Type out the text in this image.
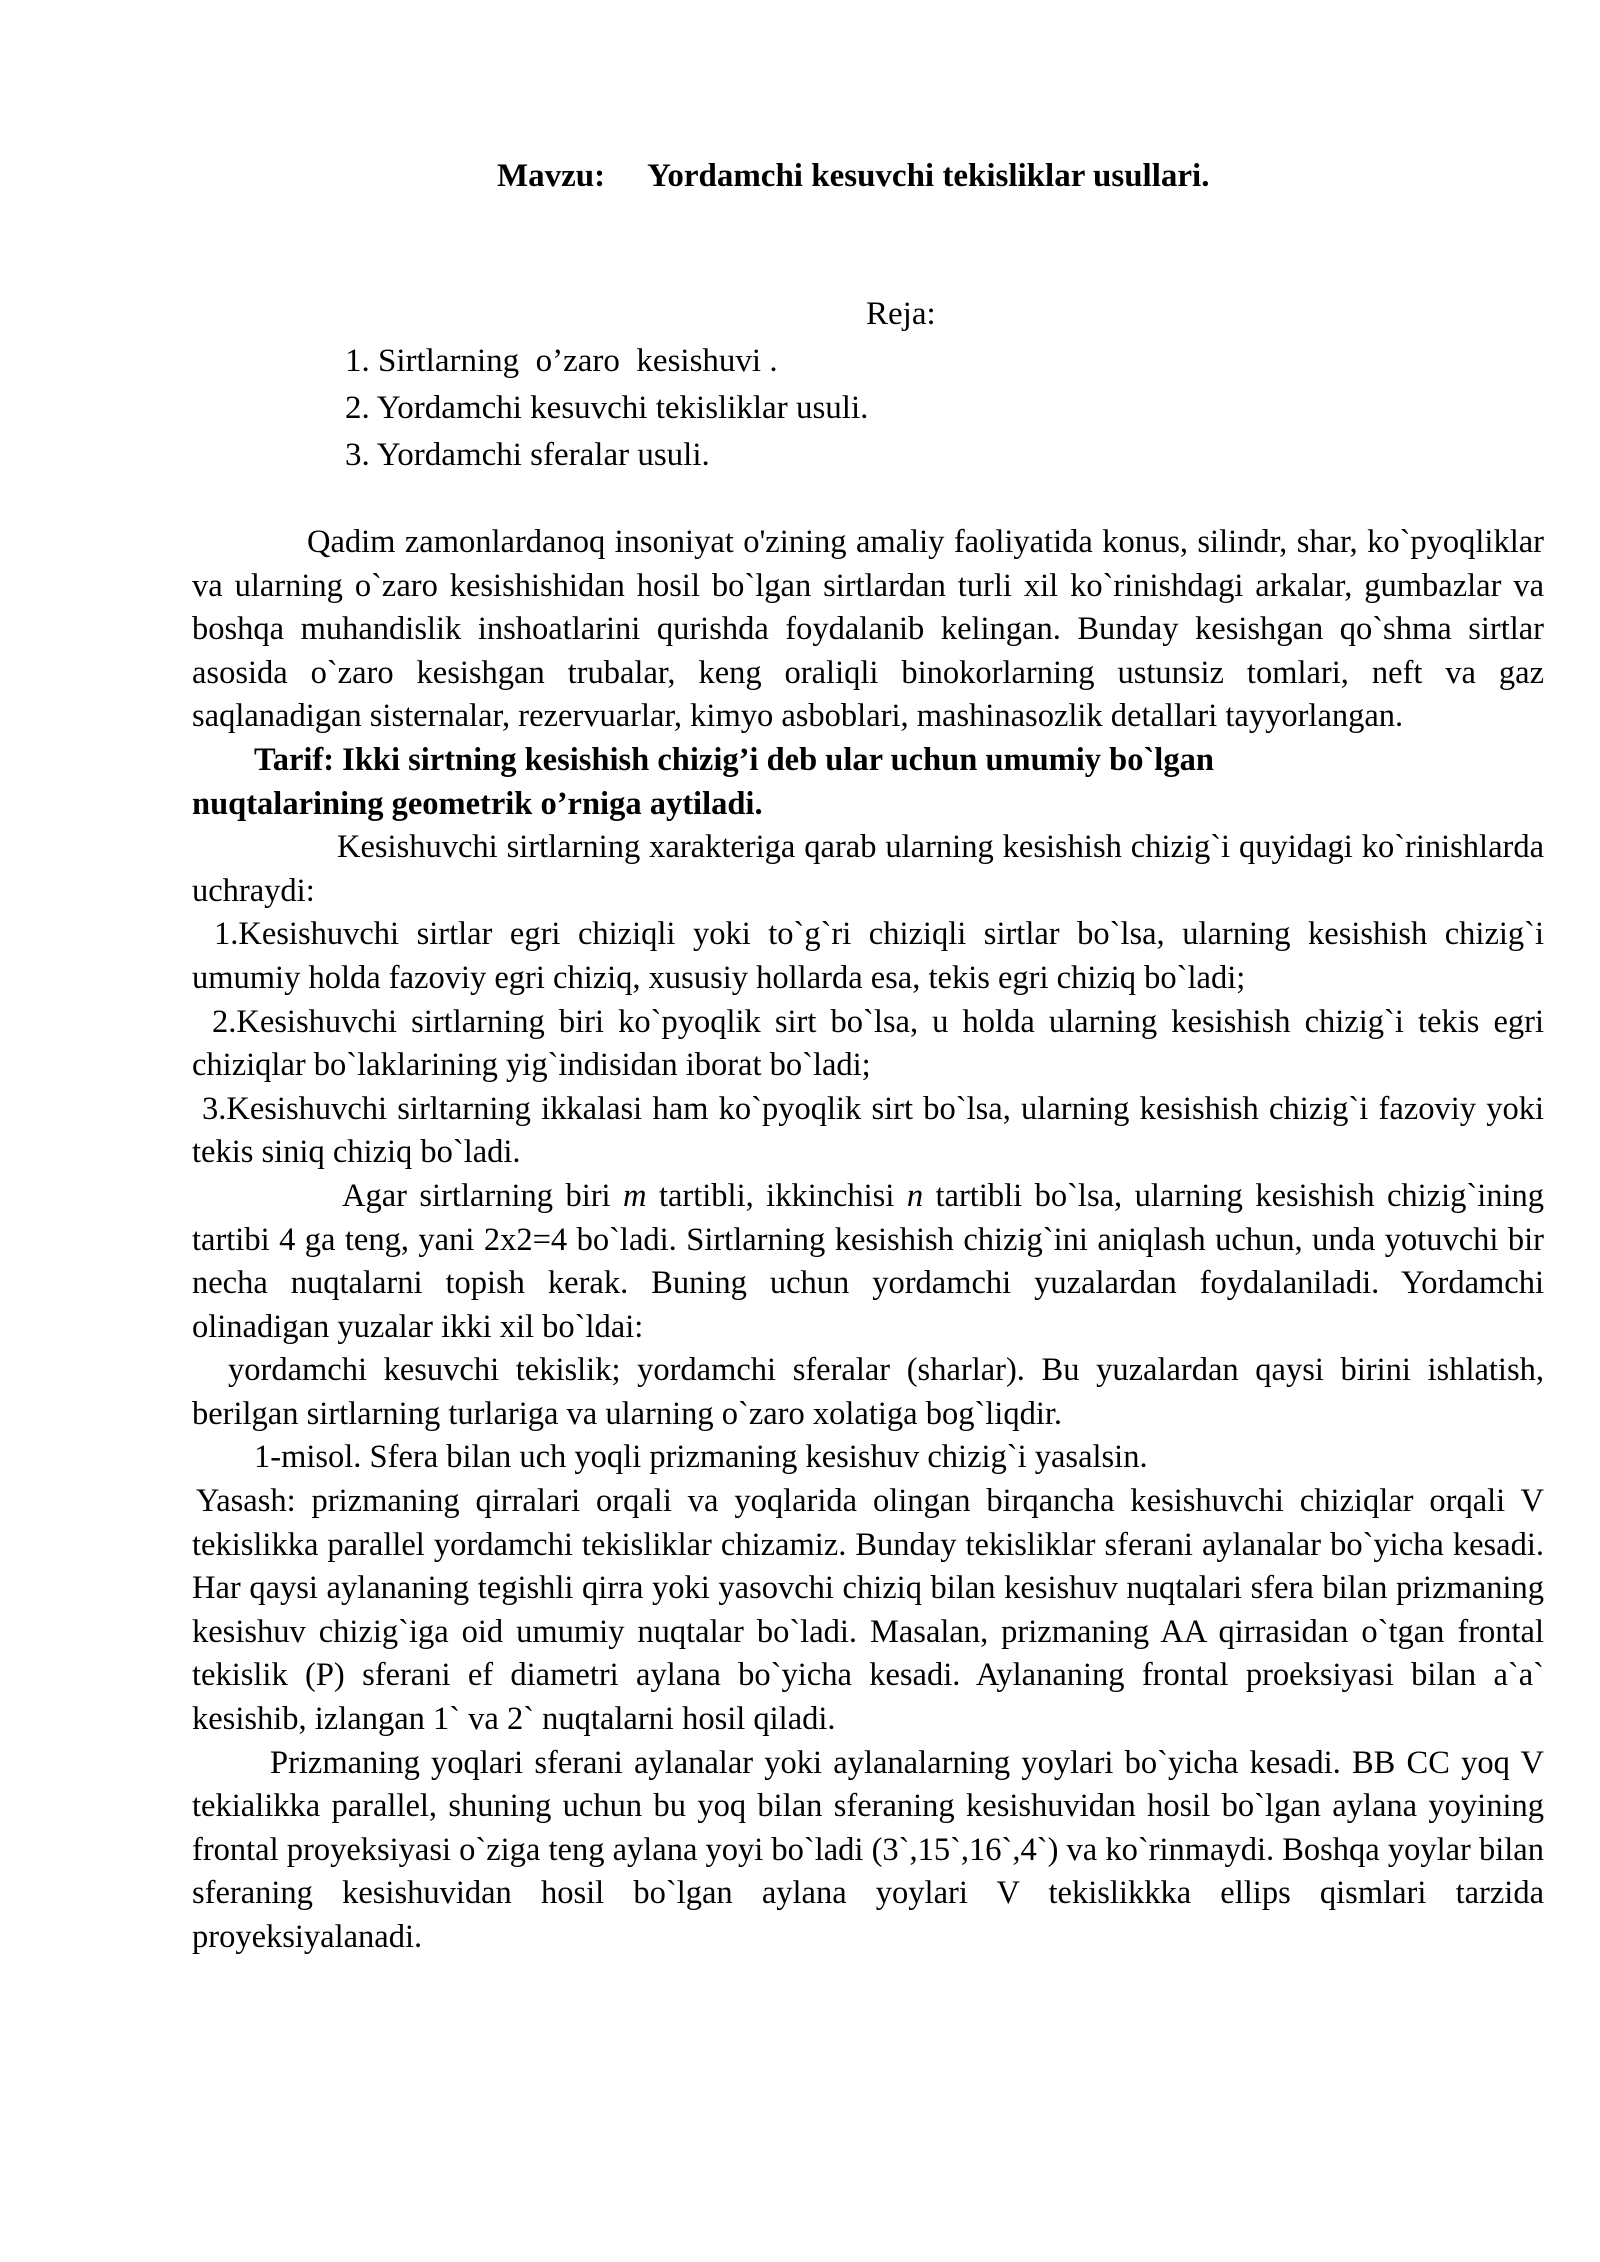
Mavzu: Yordamchi kesuvchi tekisliklar usullari.
Reja:
1. Sirtlarning  o’zaro  kesishuvi .
2. Yordamchi kesuvchi tekisliklar usuli.
3. Yordamchi sferalar usuli.

Qadim zamonlardanoq insoniyat o'zining amaliy faoliyatida konus, silindr, shar, ko`pyoqliklar va ularning o`zaro kesishishidan hosil bo`lgan sirtlardan turli xil ko`rinishdagi arkalar, gumbazlar va boshqa muhandislik inshoatlarini qurishda foydalanib kelingan. Bunday kesishgan qo`shma sirtlar asosida o`zaro kesishgan trubalar, keng oraliqli binokorlarning ustunsiz tomlari, neft va gaz saqlanadigan sisternalar, rezervuarlar, kimyo asboblari, mashinasozlik detallari tayyorlangan.

Tarif: Ikki sirtning kesishish chizig’i deb ular uchun umumiy bo`lgan

nuqtalarining geometrik o’rniga aytiladi.

Kesishuvchi sirtlarning xarakteriga qarab ularning kesishish chizig`i quyidagi ko`rinishlarda uchraydi:

1.Kesishuvchi sirtlar egri chiziqli yoki to`g`ri chiziqli sirtlar bo`lsa, ularning kesishish chizig`i umumiy holda fazoviy egri chiziq, xususiy hollarda esa, tekis egri chiziq bo`ladi;

2.Kesishuvchi sirtlarning biri ko`pyoqlik sirt bo`lsa, u holda ularning kesishish chizig`i tekis egri chiziqlar bo`laklarining yig`indisidan iborat bo`ladi;

3.Kesishuvchi sirltarning ikkalasi ham ko`pyoqlik sirt bo`lsa, ularning kesishish chizig`i fazoviy yoki tekis siniq chiziq bo`ladi.

Agar sirtlarning biri m tartibli, ikkinchisi n tartibli bo`lsa, ularning kesishish chizig`ining tartibi 4 ga teng, yani 2x2=4 bo`ladi. Sirtlarning kesishish chizig`ini aniqlash uchun, unda yotuvchi bir necha nuqtalarni topish kerak. Buning uchun yordamchi yuzalardan foydalaniladi. Yordamchi olinadigan yuzalar ikki xil bo`ldai:

yordamchi kesuvchi tekislik; yordamchi sferalar (sharlar). Bu yuzalardan qaysi birini ishlatish, berilgan sirtlarning turlariga va ularning o`zaro xolatiga bog`liqdir.

1-misol. Sfera bilan uch yoqli prizmaning kesishuv chizig`i yasalsin.

Yasash: prizmaning qirralari orqali va yoqlarida olingan birqancha kesishuvchi chiziqlar orqali V tekislikka parallel yordamchi tekisliklar chizamiz. Bunday tekisliklar sferani aylanalar bo`yicha kesadi. Har qaysi aylananing tegishli qirra yoki yasovchi chiziq bilan kesishuv nuqtalari sfera bilan prizmaning kesishuv chizig`iga oid umumiy nuqtalar bo`ladi. Masalan, prizmaning AA qirrasidan o`tgan frontal tekislik (P) sferani ef diametri aylana bo`yicha kesadi. Aylananing frontal proeksiyasi bilan a`a` kesishib, izlangan 1` va 2` nuqtalarni hosil qiladi.

Prizmaning yoqlari sferani aylanalar yoki aylanalarning yoylari bo`yicha kesadi. BB CC yoq V tekialikka parallel, shuning uchun bu yoq bilan sferaning kesishuvidan hosil bo`lgan aylana yoyining frontal proyeksiyasi o`ziga teng aylana yoyi bo`ladi (3`,15`,16`,4`) va ko`rinmaydi. Boshqa yoylar bilan sferaning kesishuvidan hosil bo`lgan aylana yoylari V tekislikkka ellips qismlari tarzida proyeksiyalanadi.
